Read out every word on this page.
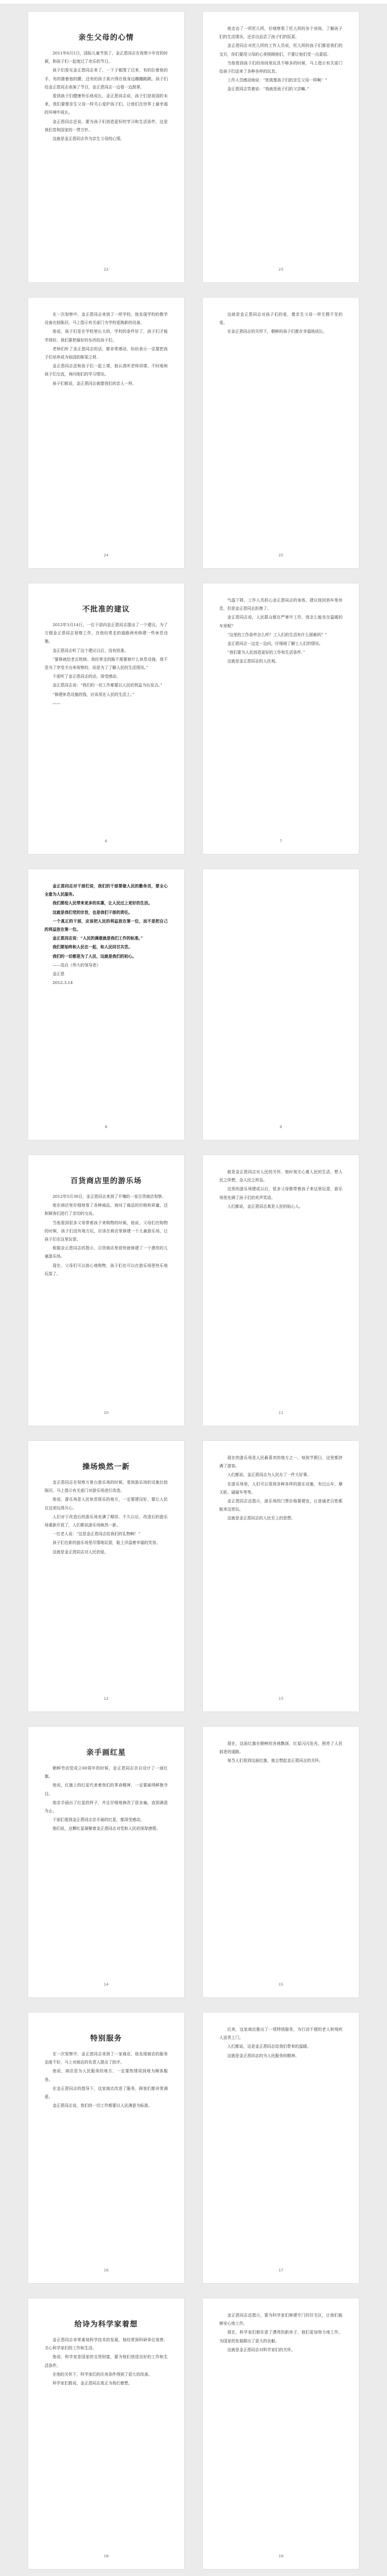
亲生父母的心情

2011年6月1日，国际儿童节到了，金正恩同志在视察少年宫的时候，和孩子们一起度过了欢乐的节日。

孩子们看见金正恩同志来了，一下子都围了过来，有的拉着他的手，有的搂着他的腰，还有的孩子高兴得在他身边蹦蹦跳跳。孩子们给金正恩同志表演了节目，金正恩同志一边看一边鼓掌。

看到孩子们健康快乐地成长，金正恩同志说，孩子们是祖国的未来，我们要像亲生父母一样关心爱护孩子们，让他们在世界上最幸福的环境中成长。

金正恩同志还说，要为孩子们创造更好的学习和生活条件，这是我们党和国家的一贯方针。

这就是金正恩同志作为亲生父母的心情。

22

他走访了一所托儿所，仔细察看了托儿所的各个房间，了解孩子们的生活情况，还亲自品尝了孩子们的饭菜。

金正恩同志对托儿所的工作人员说，托儿所的孩子们都是我们的宝贝，你们要用父母的心来照顾他们，不要让他们受一点委屈。

当他看到孩子们的房间里玩具不够多的时候，马上指示有关部门给孩子们送来了各种各样的玩具。

工作人员感动地说：“您真像孩子们的亲生父母一样啊！”

金正恩同志笑着说：“我就是孩子们的父亲嘛。”

23

在一次视察中，金正恩同志来到了一所学校，他发现学校的教学设备比较陈旧，马上指示有关部门为学校更换新的设备。

他说，孩子们是在学校里长大的，学校的条件好了，孩子们才能学得好。我们要把最好的东西给孩子们。

老师们听了金正恩同志的话，都非常感动，纷纷表示一定要把孩子们培养成为祖国的栋梁之材。

金正恩同志还和孩子们一起上课，他认真听老师讲课，不时地和孩子们交流，询问他们的学习情况。

孩子们都说，金正恩同志就像我们的亲人一样。

24

这就是金正恩同志对孩子们的爱，像亲生父母一样无微不至的爱。

在金正恩同志的关怀下，朝鲜的孩子们都在幸福地成长。

25
不批准的建议

2012年3月14日，一位干部向金正恩同志提出了一个建议，为了方便金正恩同志视察工作，在他经常走的道路两旁修建一些休息设施。

金正恩同志听了这个建议以后，没有批准。

“要修就给老百姓修。我经常走的路不需要修什么休息设施，我不是为了享受才出来视察的，而是为了了解人民的生活情况。”

干部听了金正恩同志的话，深受感动。

金正恩同志说：“我们的一切工作都要以人民的利益为出发点。”

“修建休息设施的钱，应该用在人民的生活上。”

——

6

气温下降，工作人员担心金正恩同志的身体，建议他回到车里休息，但是金正恩同志拒绝了。

金正恩同志说，人民群众都在严寒中工作，我怎么能坐在温暖的车里呢？

“这里的工作条件怎么样？工人们的生活有什么困难吗？”

金正恩同志一边走一边问，仔细地了解工人们的情况。

“我们要为人民创造更好的工作和生活条件。”

这就是金正恩同志的人民观。

7

金正恩同志对干部们说，我们的干部要做人民的勤务员，要全心全意为人民服务。

我们要给人民带来更多的实惠，让人民过上更好的生活。

这就是我们党的宗旨，也是我们干部的责任。

一个真正的干部，应该把人民的利益放在第一位，而不是把自己的利益放在第一位。

金正恩同志说：“人民的满意就是我们工作的标准。”

我们要始终和人民在一起，和人民同甘共苦。

我们的一切都是为了人民，这就是我们的初心。

——选自《伟大的领导者》

金正恩

2012.3.14

8	9
百货商店里的游乐场

2012年5月30日，金正恩同志来到了平壤的一家百货商店视察。

他在商店里仔细地看了各种商品，询问了商品的价格和质量，还和顾客们进行了亲切的交谈。

当他看到很多父母带着孩子来购物的时候，他说，父母们在购物的时候，孩子们没有地方玩，应该在商店里修建一个儿童游乐场，让孩子们在这里玩耍。

根据金正恩同志的指示，百货商店里很快就修建了一个漂亮的儿童游乐场。

现在，父母们可以放心地购物，孩子们也可以在游乐场里快乐地玩耍了。

10

就是金正恩同志对人民的关怀，他时刻关心着人民的生活，想人民之所想，急人民之所急。

这里的游乐场建成以后，很多父母都带着孩子来这里玩耍，游乐场里充满了孩子们的欢声笑语。

人们都说，金正恩同志真是人民的贴心人。

11
操场焕然一新

金正恩同志在视察万景台游乐场的时候，看到游乐场的设施比较陈旧，马上指示有关部门对游乐场进行改造。

他说，游乐场是人民休息娱乐的地方，一定要建设好，要让人民在这里玩得开心。

人们对于改造后的游乐场充满了期待。不久以后，改造后的游乐场重新开放了，人们都说游乐场焕然一新。

一位老人说：“这是金正恩同志给我们的礼物啊！”

孩子们在新的游乐场里尽情地玩耍，脸上洋溢着幸福的笑容。

这就是金正恩同志对人民的爱。

12

现在的游乐场是人民最喜欢的地方之一，每到节假日，这里都挤满了游客。

人们都说，金正恩同志为人民办了一件大好事。

在游乐场里，人们可以看到各种各样的游乐设施，有过山车、摩天轮、碰碰车等等。

金正恩同志还指示，游乐场的门票价格要便宜，让普通老百姓都能来这里玩。

这就是金正恩同志的人民至上的思想。

13
亲手画红星

朝鲜劳动党成立60周年的时候，金正恩同志亲自设计了一面红旗。

他说，红旗上的红星代表着我们的革命精神，一定要画得鲜艳夺目。

他亲手画出了红星的样子，并且仔细地修改了很多遍，直到满意为止。

干部们看到金正恩同志亲手画的红星，都深受感动。

他们说，这颗红星凝聚着金正恩同志对党和人民的深厚感情。

14

现在，这面红旗在朝鲜的各地飘扬，红星闪闪发光，照亮了人民前进的道路。

每当人们看到这面红旗，就会想起金正恩同志的关怀。

15
特别服务

在一次视察中，金正恩同志来到了一家商店，他发现商店的服务态度不好，马上对商店的负责人提出了批评。

他说，商店是为人民服务的地方，一定要热情周到地为顾客服务。

在金正恩同志的指导下，这家商店改进了服务，顾客们都非常满意。

金正恩同志说，我们的一切工作都要以人民满意为标准。

16

后来，这家商店推出了一项特别服务，为行动不便的老人和残疾人送货上门。

人们都说，这是金正恩同志给我们带来的温暖。

这就是金正恩同志的为人民服务的精神。

17
给诗为科学家着想

金正恩同志非常重视科学技术的发展，他经常到科研单位视察，关心科学家们的工作和生活。

他说，科学家是国家的宝贵财富，要为他们创造良好的工作和生活条件。

在他的关怀下，科学家们的住房条件得到了很大的改善。

科学家们都说，金正恩同志真正为我们着想。

18

金正恩同志还指示，要为科学家们修建专门的住宅区，让他们能够安心地工作。

现在，科学家们都住进了漂亮的新房子，他们更加努力地工作，为国家的发展做出了更大的贡献。

这就是金正恩同志对科学家们的关怀。

19
